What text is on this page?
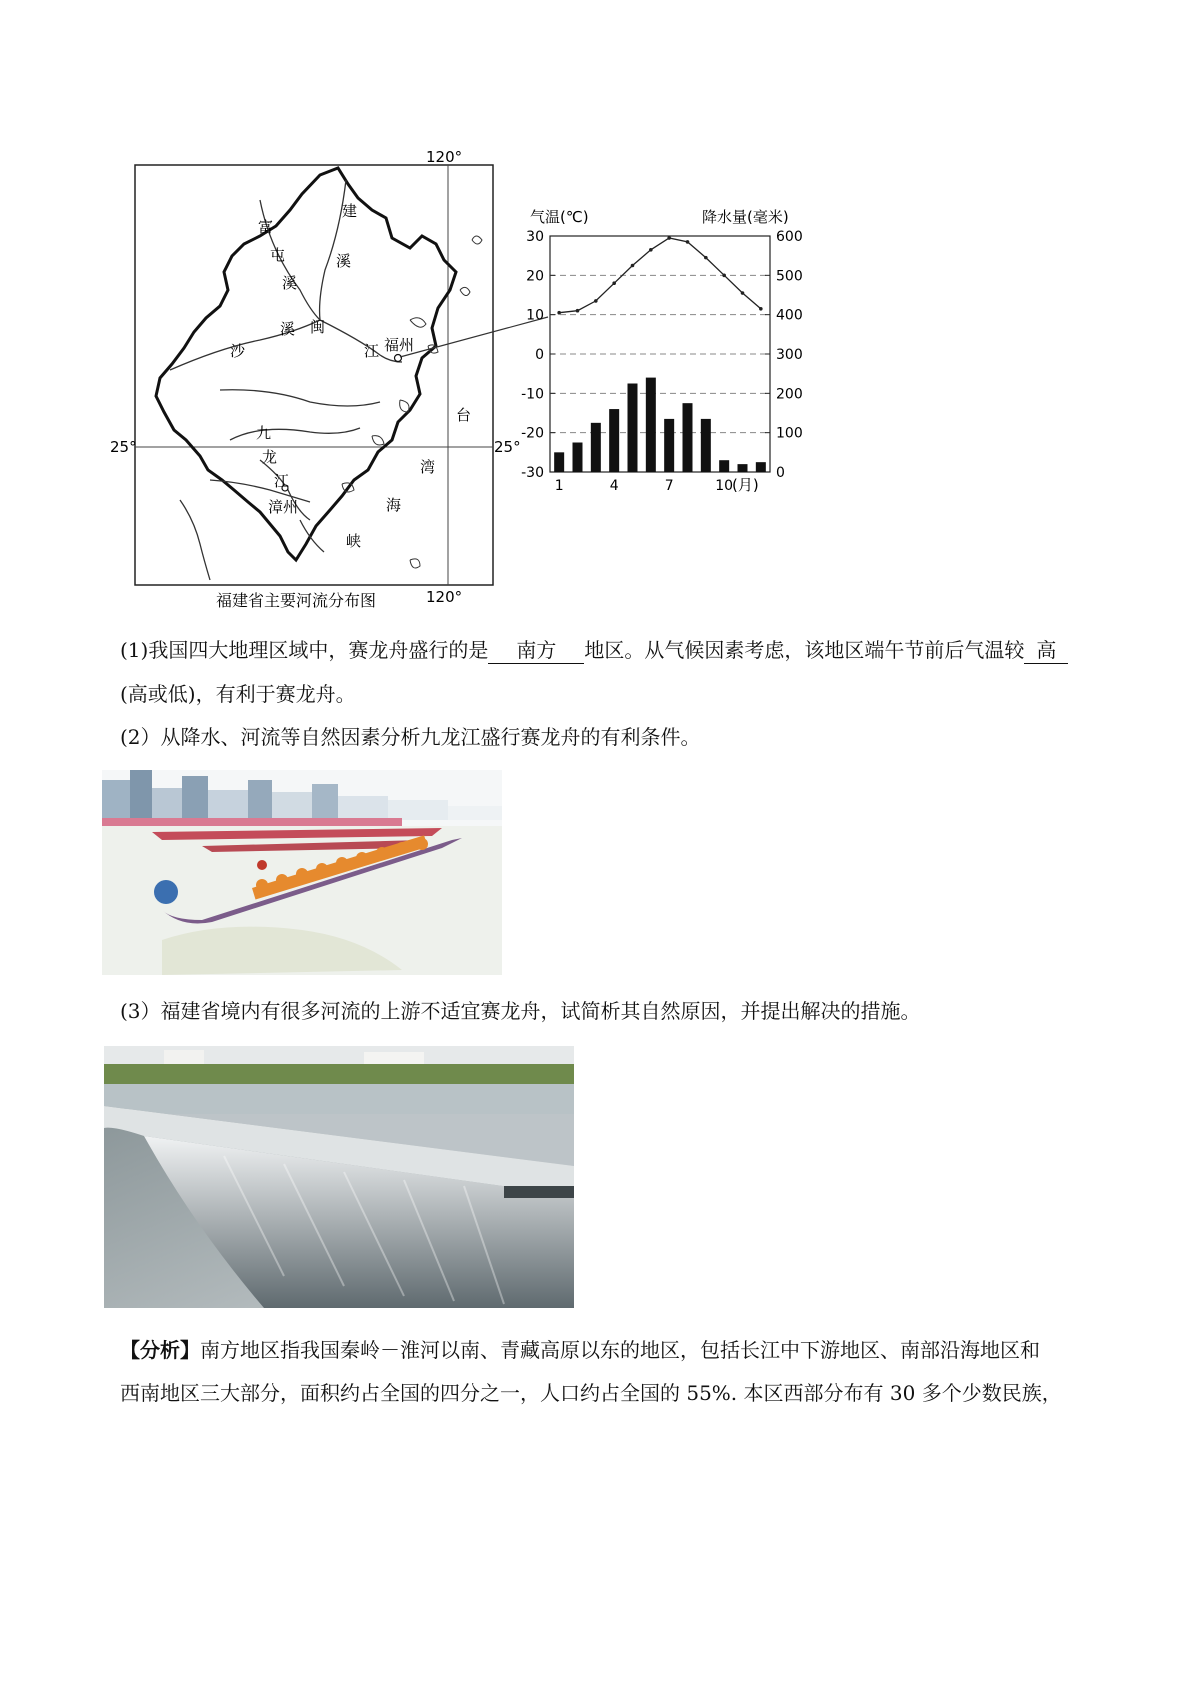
120°
120°
25°	25°
福州
漳州
富
屯
溪
建
溪
溪
沙
闽
江
九
龙
江
台
湾
海
峡
福建省主要河流分布图
气温(℃)	降水量(毫米)
30
20
10
0
-10
-20
-30
600
500
400
300
200
100
0
1	4	7	10
(月)
(1)我国四大地理区域中，赛龙舟盛行的是 南方 地区。从气候因素考虑，该地区端午节前后气温较 高
(高或低)，有利于赛龙舟。
(2）从降水、河流等自然因素分析九龙江盛行赛龙舟的有利条件。
(3）福建省境内有很多河流的上游不适宜赛龙舟，试简析其自然原因，并提出解决的措施。
【分析】南方地区指我国秦岭－淮河以南、青藏高原以东的地区，包括长江中下游地区、南部沿海地区和
西南地区三大部分，面积约占全国的四分之一，人口约占全国的 55%. 本区西部分布有 30 多个少数民族，
